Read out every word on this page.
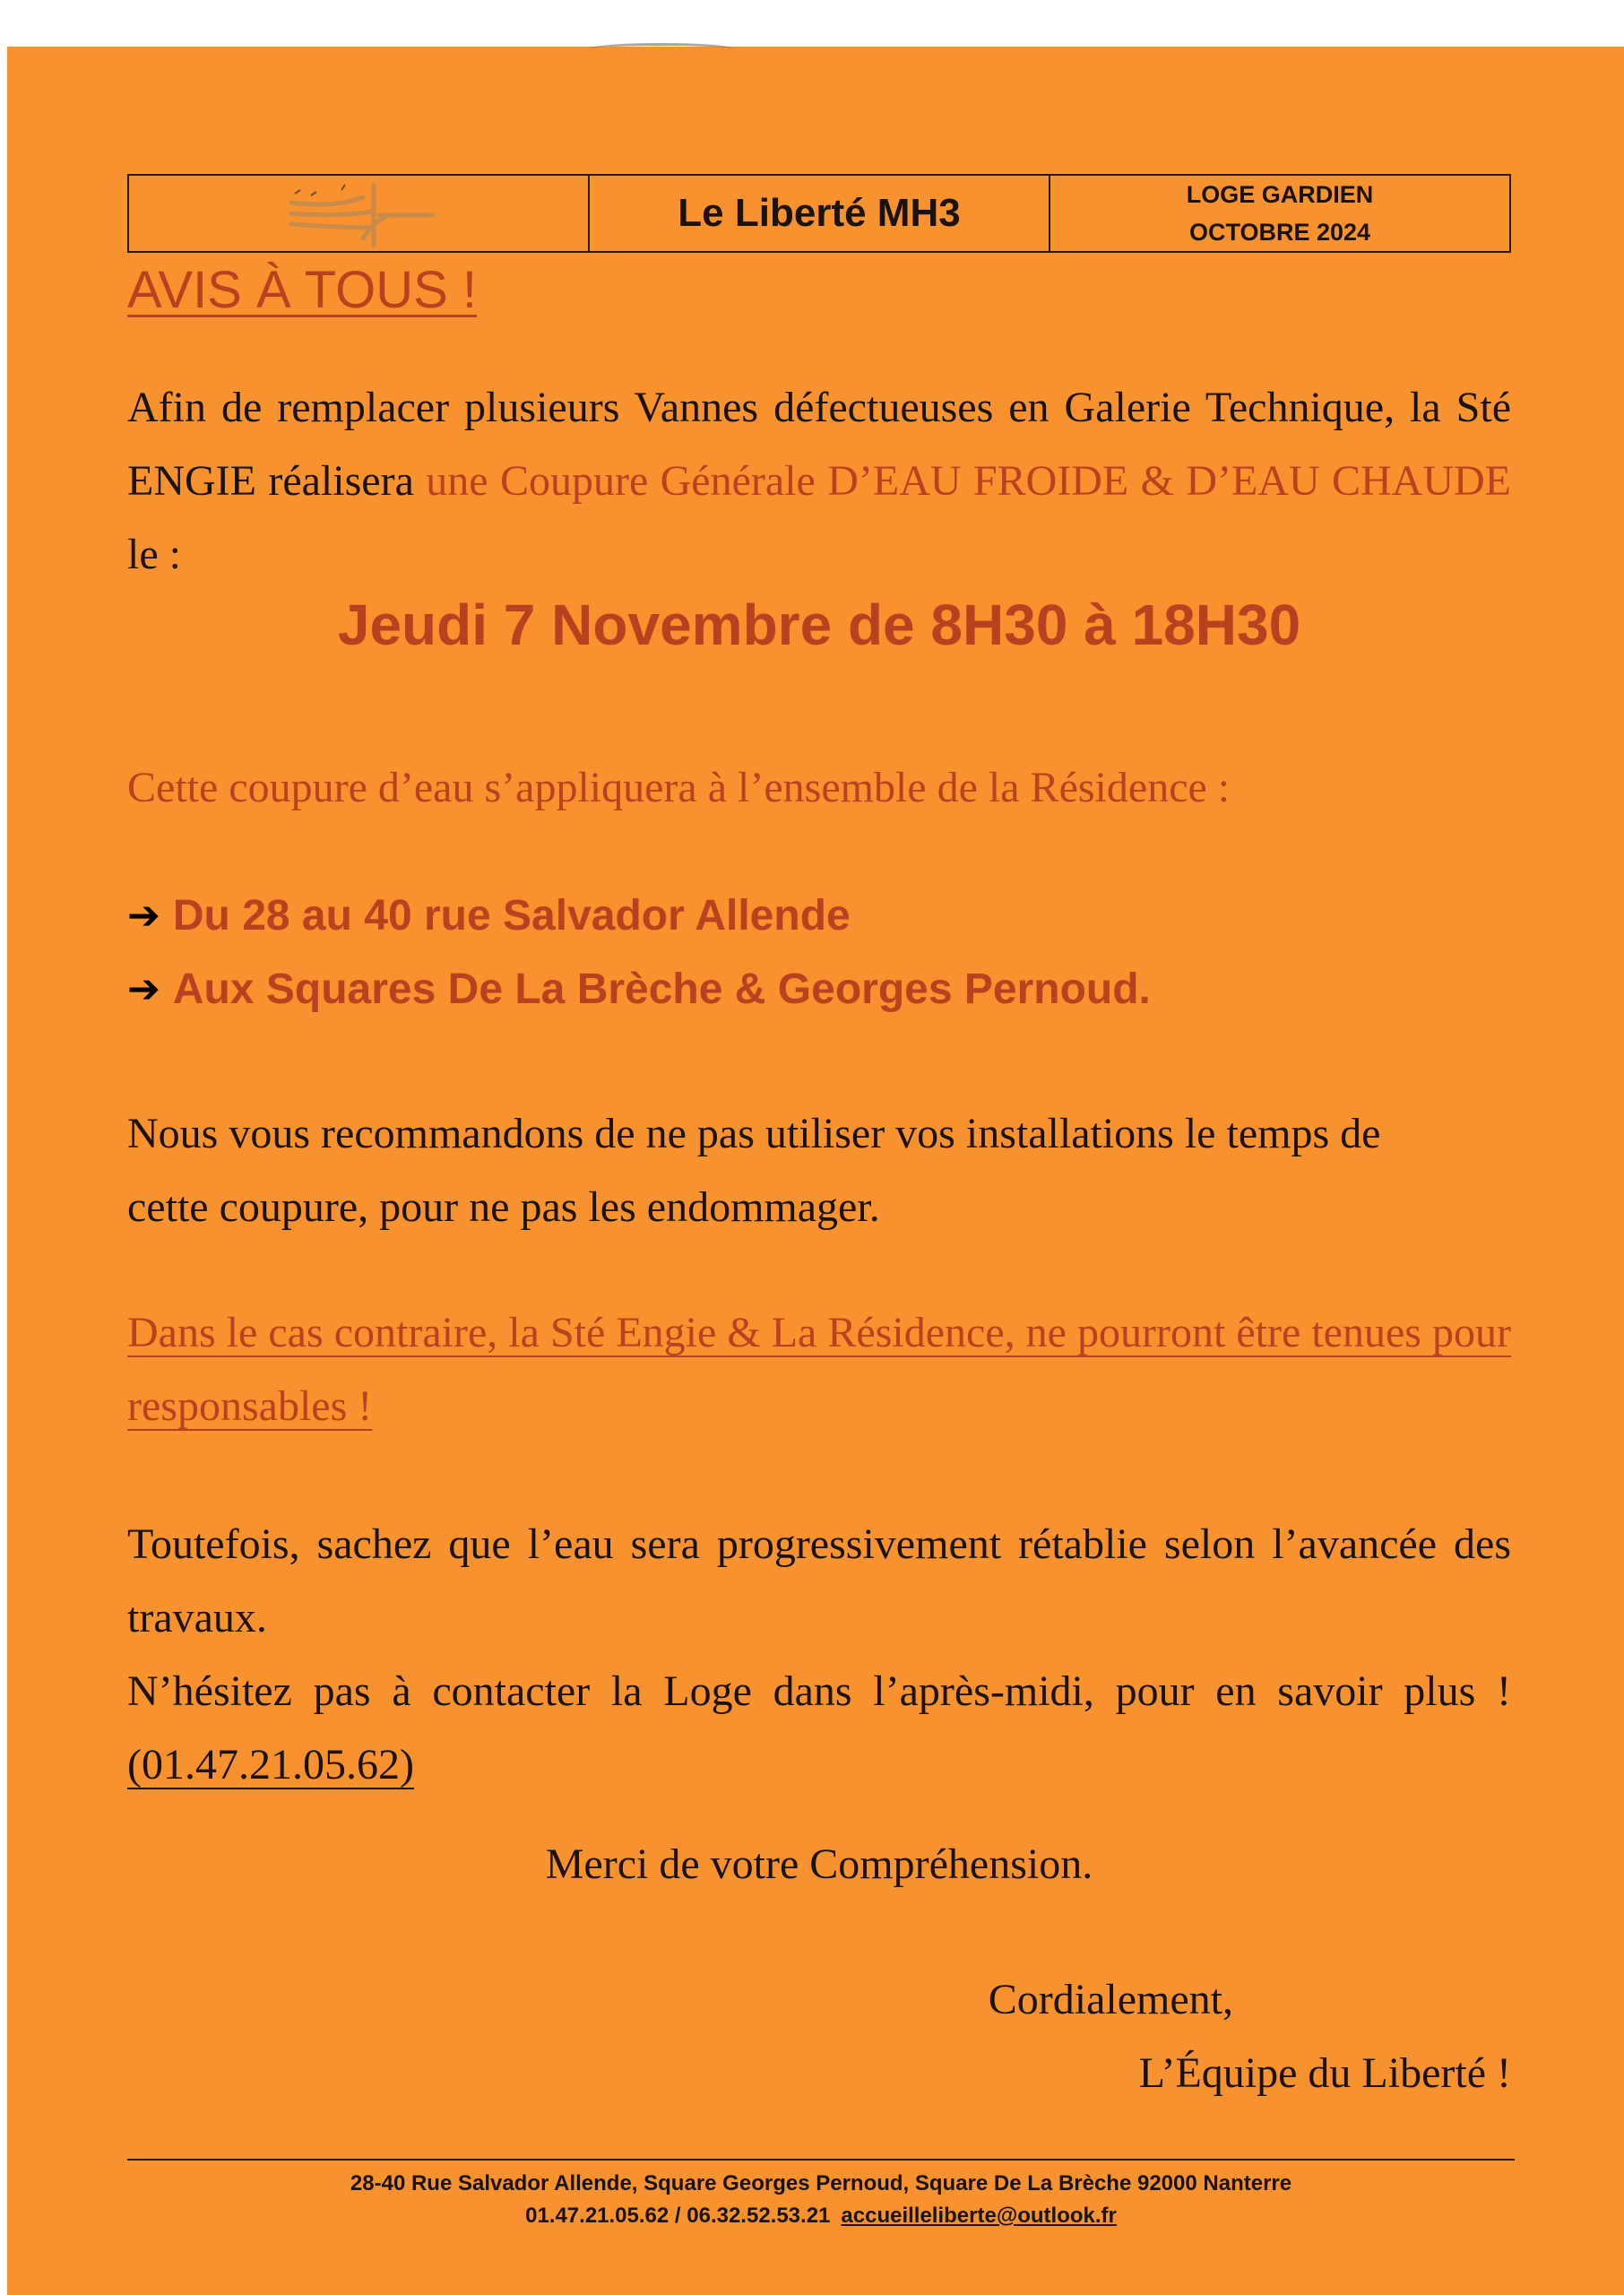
Le Liberté MH3	LOGE GARDIEN
OCTOBRE 2024
AVIS À TOUS !
Afin de remplacer plusieurs Vannes défectueuses en Galerie Technique, la Sté ENGIE réalisera une Coupure Générale D’EAU FROIDE & D’EAU CHAUDE le :
Jeudi 7 Novembre de 8H30 à 18H30
Cette coupure d’eau s’appliquera à l’ensemble de la Résidence :
➔ Du 28 au 40 rue Salvador Allende
➔ Aux Squares De La Brèche & Georges Pernoud.
Nous vous recommandons de ne pas utiliser vos installations le temps de cette coupure, pour ne pas les endommager.
Dans le cas contraire, la Sté Engie & La Résidence, ne pourront être tenues pour responsables !
Toutefois, sachez que l’eau sera progressivement rétablie selon l’avancée des travaux.
N’hésitez pas à contacter la Loge dans l’après-midi, pour en savoir plus ! (01.47.21.05.62)
Merci de votre Compréhension.
Cordialement,
L’Équipe du Liberté !
28-40 Rue Salvador Allende, Square Georges Pernoud, Square De La Brèche 92000 Nanterre
01.47.21.05.62 / 06.32.52.53.21 accueilleliberte@outlook.fr
